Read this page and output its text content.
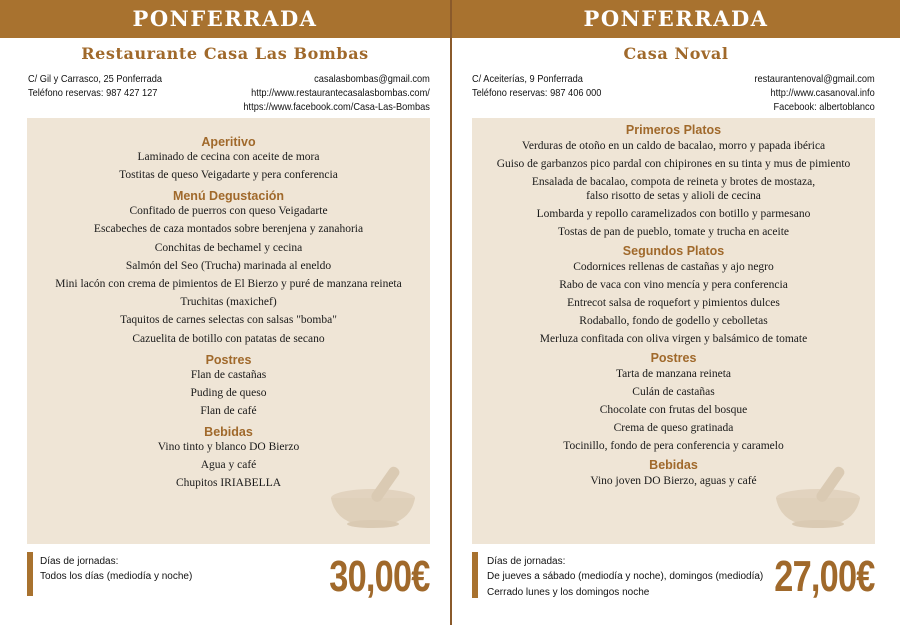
PONFERRADA
Restaurante Casa Las Bombas
C/ Gil y Carrasco, 25 Ponferrada
Teléfono reservas: 987 427 127
casalasbombas@gmail.com
http://www.restaurantecasalasbombas.com/
https://www.facebook.com/Casa-Las-Bombas
Aperitivo
Laminado de cecina con aceite de mora
Tostitas de queso Veigadarte y pera conferencia
Menú Degustación
Confitado de puerros con queso Veigadarte
Escabeches de caza montados sobre berenjena y zanahoria
Conchitas de bechamel y cecina
Salmón del Seo (Trucha) marinada al eneldo
Mini lacón con crema de pimientos de El Bierzo y puré de manzana reineta
Truchitas (maxichef)
Taquitos de carnes selectas con salsas "bomba"
Cazuelita de botillo con patatas de secano
Postres
Flan de castañas
Puding de queso
Flan de café
Bebidas
Vino tinto y blanco DO Bierzo
Agua y café
Chupitos IRIABELLA
Días de jornadas:
Todos los días (mediodía y noche)	30,00€
PONFERRADA
Casa Noval
C/ Aceiterías, 9 Ponferrada
Teléfono reservas: 987 406 000
restaurantenoval@gmail.com
http://www.casanoval.info
Facebook: albertoblanco
Primeros Platos
Verduras de otoño en un caldo de bacalao, morro y papada ibérica
Guiso de garbanzos pico pardal con chipirones en su tinta y mus de pimiento
Ensalada de bacalao, compota de reineta y brotes de mostaza,
falso risotto de setas y alioli de cecina
Lombarda y repollo caramelizados con botillo y parmesano
Tostas de pan de pueblo, tomate y trucha en aceite
Segundos Platos
Codornices rellenas de castañas y ajo negro
Rabo de vaca con vino mencía y pera conferencia
Entrecot salsa de roquefort y pimientos dulces
Rodaballo, fondo de godello y cebolletas
Merluza confitada con oliva virgen y balsámico de tomate
Postres
Tarta de manzana reineta
Culán de castañas
Chocolate con frutas del bosque
Crema de queso gratinada
Tocinillo, fondo de pera conferencia y caramelo
Bebidas
Vino joven DO Bierzo, aguas y café
Días de jornadas:
De jueves a sábado (mediodía y noche), domingos (mediodía)
Cerrado lunes y los domingos noche	27,00€
